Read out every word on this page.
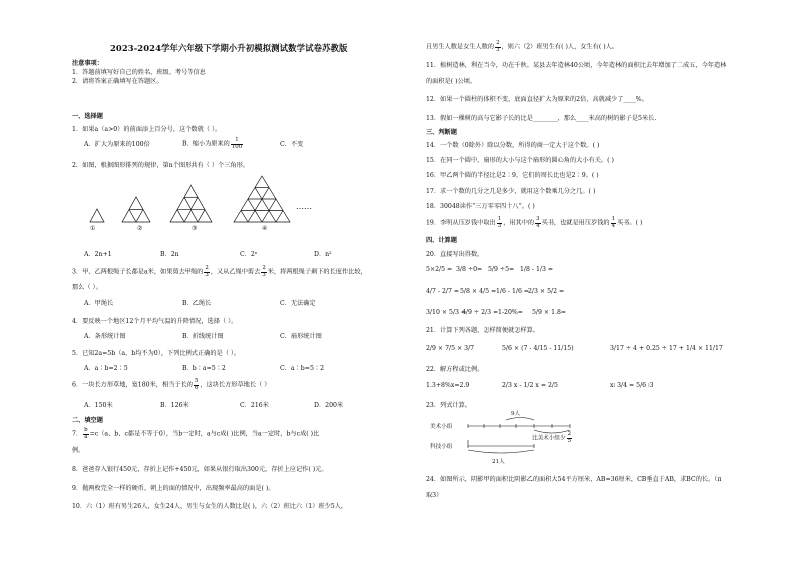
2023-2024学年六年级下学期小升初模拟测试数学试卷苏教版
注意事项：
1．答题前填写好自己的姓名、班级、考号等信息
2．请将答案正确填写在答题区。
一、选择题
1．如果a（a>0）的前面添上百分号，这个数就（ ）。
A．扩大为原来的100倍	B．缩小为原来的 $\frac{1}{100}$	C．不变
2．如图，根据图形排列的规律，第n个图形共有（ ）个三角形。
……
①	②	③	④
A．2n+1	B．2n	C．2ⁿ	D．n²
3．甲、乙两根绳子长都是a米，如果剪去甲绳的 $\frac{2}{3}$ ，又从乙绳中剪去 $\frac{2}{3}$ 米，将两根绳子剩下的长度作比较，
那么（ ）。
A．甲绳长	B．乙绳长	C．无法确定
4．要反映一个地区12个月平均气温的升降情况，选择（ ）。
A．条形统计图	B．折线统计图	C．扇形统计图
5．已知2a=5b（a、b均不为0），下列比例式正确的是（ ）。
A．a∶b=2∶5	B．b∶a=5∶2	C．a∶b=5∶2
6．一块长方形草地，宽180米，相当于长的 $\frac{5}{6}$ ，这块长方形草地长（ ）
A．150米	B．126米	C．216米	D．200米
二、填空题
7． $\frac{b}{a} =c(a$、b、c都是不等于0），当b一定时，a与c成( )比例，当a一定时，b与c成( )比
例。
8．爸爸存入银行450元，存折上记作+450元，如果从银行取出300元，存折上应记作( )元。
9．抛两枚完全一样的硬币，朝上的面的情况中，出现频率最高的面是( )。
10．六（1）班有男生26人，女生24人，男生与女生的人数比是( )，六（2）班比六（1）班少5人，
且男生人数是女生人数的 $\frac{2}{3}$ ，则六（2）班男生有( )人，女生有( )人。
11．植树造林，利在当今，功在千秋。某县去年造林40公顷，今年造林的面积比去年增加了二成五，今年造林
的面积是( )公顷。
12．如果一个圆柱的体积不变，底面直径扩大为原来的2倍，高就减少了____%。
13．假如一棵树的高与它影子长的比是________，那么____米高的树的影子是5米长.
三、判断题
14．一个数（0除外）除以分数，所得的商一定大于这个数。( )
15．在同一个圆中，扇形的大小与这个扇形的圆心角的大小有关。( )
16．甲乙两个圆的半径比是2∶9，它们的周长比也是2∶9。( )
17．求一个数的几分之几是多少，就用这个数乘几分之几。( )
18．30048读作“三万零零四十八”。( )
19．李明从压岁钱中取出 $\frac{1}{3}$ ，用其中的 $\frac{3}{4}$ 买书，也就是用压岁钱的 $\frac{1}{4}$ 买书。( )
四、计算题
20．直接写出得数。
5×2/5 = 3/8 ÷0= 5/9 ÷5= 1/8 - 1/3 =
4/7 - 2/7 = 5/8 × 4/5 = 1/6 - 1/6 =
2/3 × 5/2 =
3/10 × 5/3 =
4/9 ÷ 2/3 = 1-20%= 5/9 × 1.8=
21．计算下列各题，怎样简便就怎样算。
2/9 × 7/5 × 3/7	5/6 × (7 - 4/15 - 11/15)	3/17 ÷ 4 + 0.25 ÷ 17 + 1/4 × 11/17
22．解方程或比例。
1.3+8%x=2.9	2/3 x - 1/2 x = 2/5	x∶ 3/4 = 5/6 ∶3
23．列式计算。
9人
美术小组
科技小组
比美术小组少 $\frac{2}{5}$
21人
24．如图所示，阴影甲的面积比阴影乙的面积大54平方厘米，AB=36厘米，CB垂直于AB，求BC的长。（π
取3）
